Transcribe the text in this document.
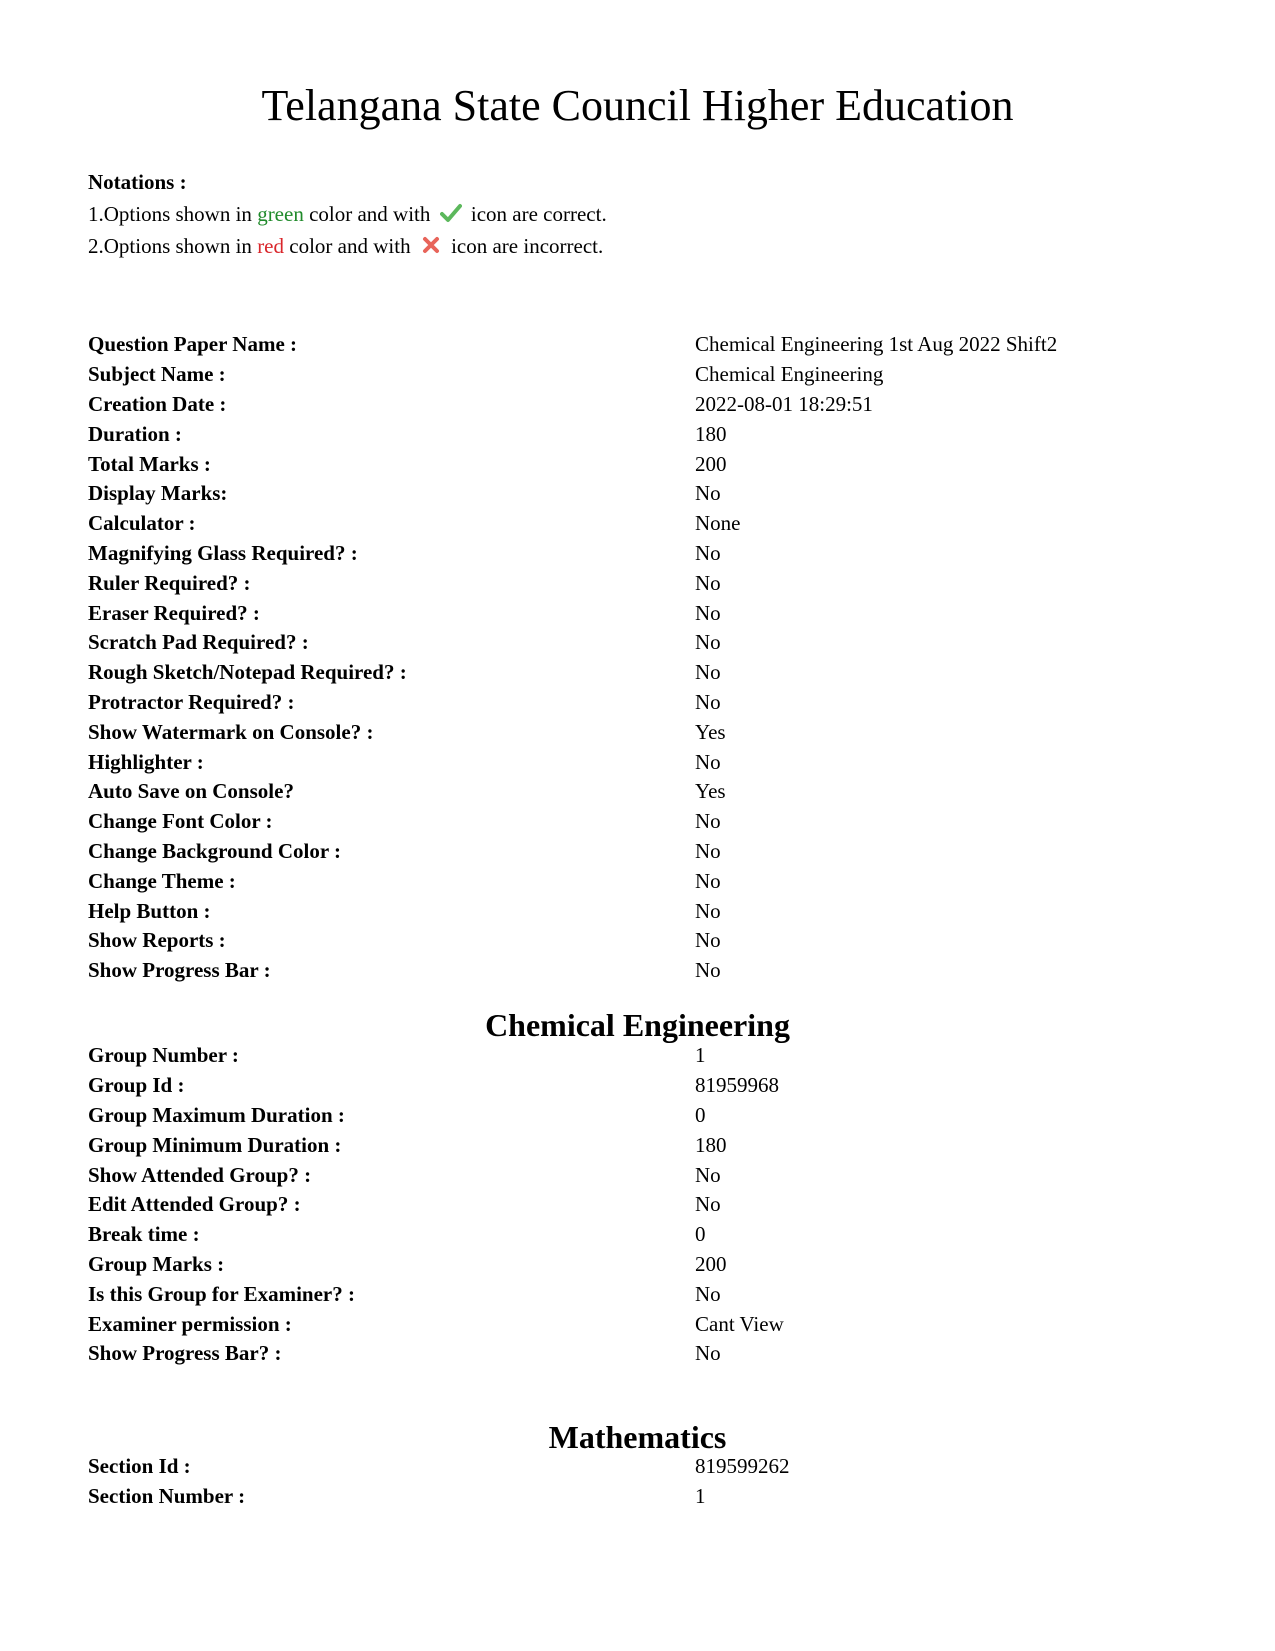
Telangana State Council Higher Education
Notations :
1.Options shown in green color and with  icon are correct.
2.Options shown in red color and with  icon are incorrect.
Question Paper Name :	Chemical Engineering 1st Aug 2022 Shift2
Subject Name :	Chemical Engineering
Creation Date :	2022-08-01 18:29:51
Duration :	180
Total Marks :	200
Display Marks:	No
Calculator :	None
Magnifying Glass Required? :	No
Ruler Required? :	No
Eraser Required? :	No
Scratch Pad Required? :	No
Rough Sketch/Notepad Required? :	No
Protractor Required? :	No
Show Watermark on Console? :	Yes
Highlighter :	No
Auto Save on Console?	Yes
Change Font Color :	No
Change Background Color :	No
Change Theme :	No
Help Button :	No
Show Reports :	No
Show Progress Bar :	No
Chemical Engineering
Group Number :	1
Group Id :	81959968
Group Maximum Duration :	0
Group Minimum Duration :	180
Show Attended Group? :	No
Edit Attended Group? :	No
Break time :	0
Group Marks :	200
Is this Group for Examiner? :	No
Examiner permission :	Cant View
Show Progress Bar? :	No
Mathematics
Section Id :	819599262
Section Number :	1
